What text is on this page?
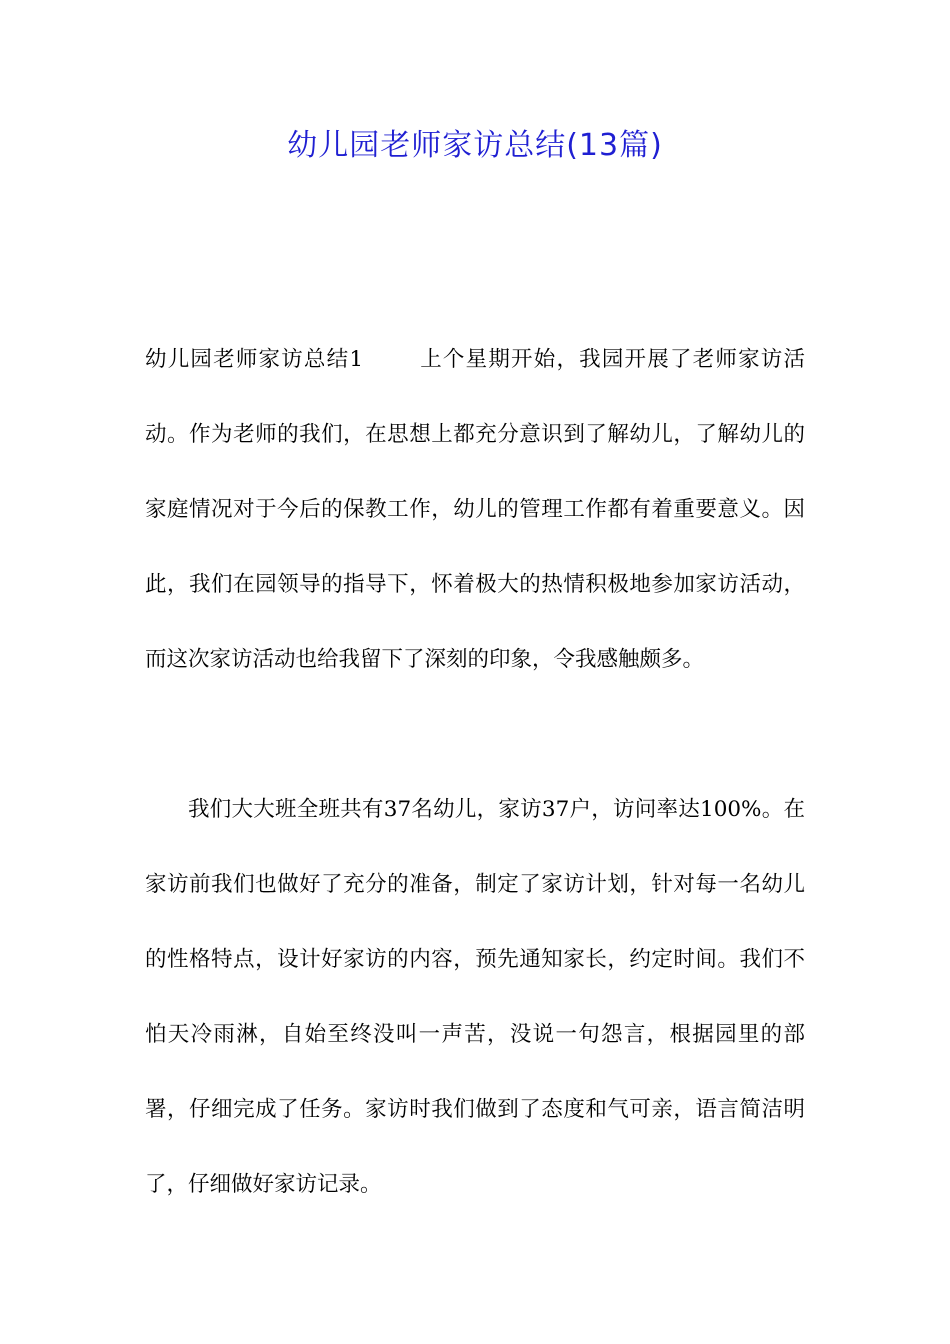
幼儿园老师家访总结(13篇)
幼儿园老师家访总结1	上个星期开始，我园开展了老师家访活动。作为老师的我们，在思想上都充分意识到了解幼儿，了解幼儿的家庭情况对于今后的保教工作，幼儿的管理工作都有着重要意义。因此，我们在园领导的指导下，怀着极大的热情积极地参加家访活动，而这次家访活动也给我留下了深刻的印象，令我感触颇多。
我们大大班全班共有37名幼儿，家访37户，访问率达100%。在家访前我们也做好了充分的准备，制定了家访计划，针对每一名幼儿的性格特点，设计好家访的内容，预先通知家长，约定时间。我们不怕天冷雨淋，自始至终没叫一声苦，没说一句怨言，根据园里的部署，仔细完成了任务。家访时我们做到了态度和气可亲，语言简洁明了，仔细做好家访记录。
